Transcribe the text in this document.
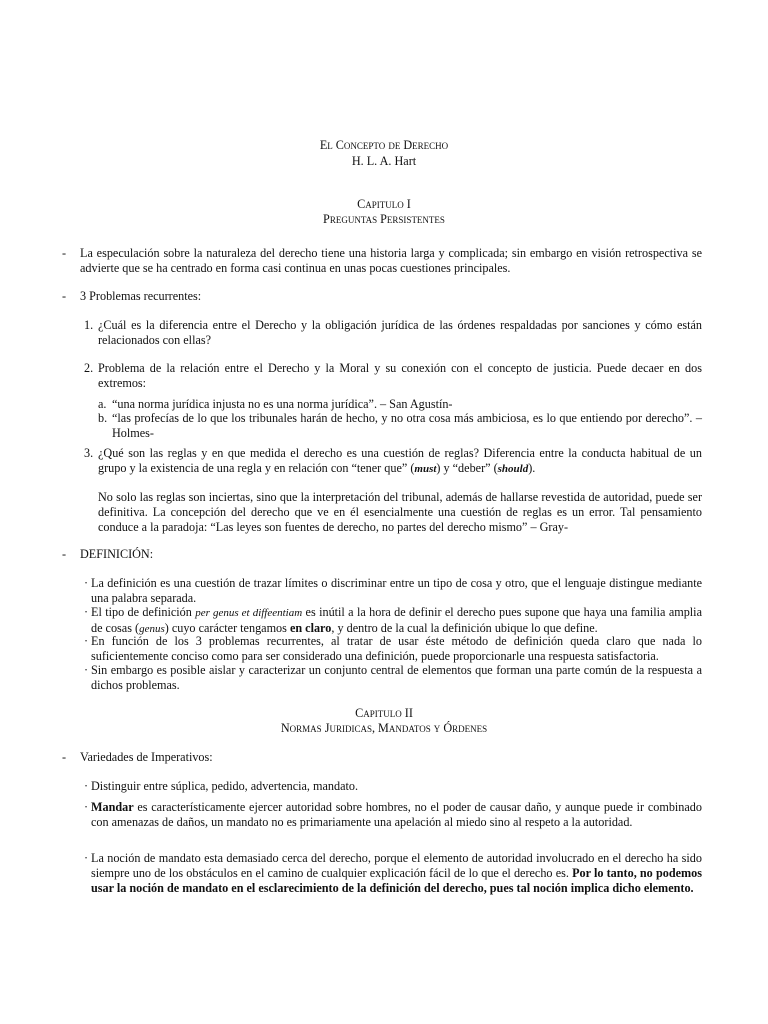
El Concepto de Derecho
H. L. A. Hart
Capitulo I
Preguntas Persistentes
- La especulación sobre la naturaleza del derecho tiene una historia larga y complicada; sin embargo en visión retrospectiva se advierte que se ha centrado en forma casi continua en unas pocas cuestiones principales.
- 3 Problemas recurrentes:
1. ¿Cuál es la diferencia entre el Derecho y la obligación jurídica de las órdenes respaldadas por sanciones y cómo están relacionados con ellas?
2. Problema de la relación entre el Derecho y la Moral y su conexión con el concepto de justicia. Puede decaer en dos extremos:
a. “una norma jurídica injusta no es una norma jurídica”. – San Agustín-
b. “las profecías de lo que los tribunales harán de hecho, y no otra cosa más ambiciosa, es lo que entiendo por derecho”. – Holmes-
3. ¿Qué son las reglas y en que medida el derecho es una cuestión de reglas? Diferencia entre la conducta habitual de un grupo y la existencia de una regla y en relación con “tener que” (must) y “deber” (should).
No solo las reglas son inciertas, sino que la interpretación del tribunal, además de hallarse revestida de autoridad, puede ser definitiva. La concepción del derecho que ve en él esencialmente una cuestión de reglas es un error. Tal pensamiento conduce a la paradoja: “Las leyes son fuentes de derecho, no partes del derecho mismo” – Gray-
- DEFINICIÓN:
· La definición es una cuestión de trazar límites o discriminar entre un tipo de cosa y otro, que el lenguaje distingue mediante una palabra separada.
· El tipo de definición per genus et diffeentiam es inútil a la hora de definir el derecho pues supone que haya una familia amplia de cosas (genus) cuyo carácter tengamos en claro, y dentro de la cual la definición ubique lo que define.
· En función de los 3 problemas recurrentes, al tratar de usar éste método de definición queda claro que nada lo suficientemente conciso como para ser considerado una definición, puede proporcionarle una respuesta satisfactoria.
· Sin embargo es posible aislar y caracterizar un conjunto central de elementos que forman una parte común de la respuesta a dichos problemas.
Capitulo II
Normas Juridicas, Mandatos y Órdenes
- Variedades de Imperativos:
· Distinguir entre súplica, pedido, advertencia, mandato.
· Mandar es característicamente ejercer autoridad sobre hombres, no el poder de causar daño, y aunque puede ir combinado con amenazas de daños, un mandato no es primariamente una apelación al miedo sino al respeto a la autoridad.
· La noción de mandato esta demasiado cerca del derecho, porque el elemento de autoridad involucrado en el derecho ha sido siempre uno de los obstáculos en el camino de cualquier explicación fácil de lo que el derecho es. Por lo tanto, no podemos usar la noción de mandato en el esclarecimiento de la definición del derecho, pues tal noción implica dicho elemento.
